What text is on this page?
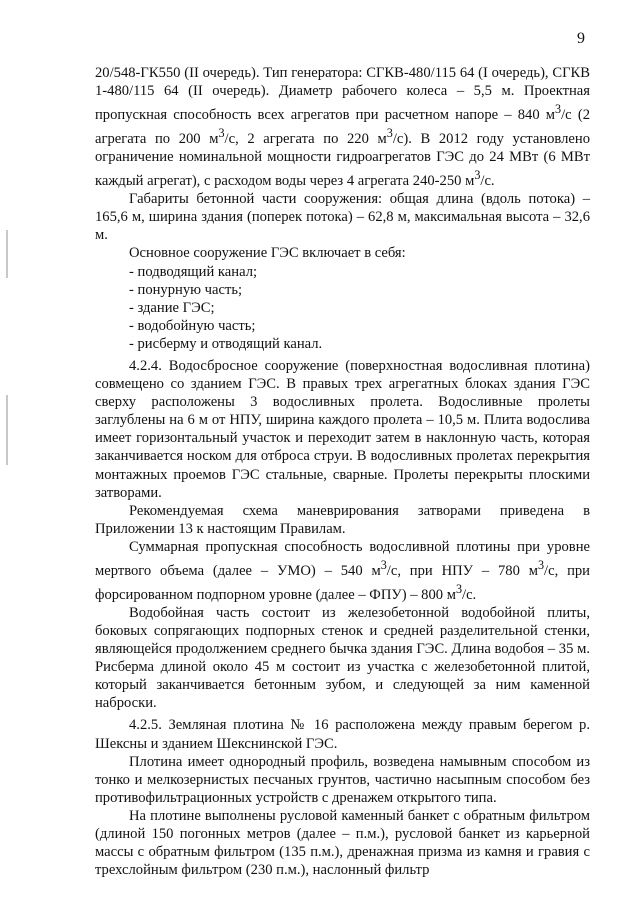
9

20/548-ГК550 (II очередь). Тип генератора: СГКВ-480/115 64 (I очередь), СГКВ 1-480/115 64 (II очередь). Диаметр рабочего колеса – 5,5 м. Проектная пропускная способность всех агрегатов при расчетном напоре – 840 $м^3/с$ (2 агрегата по 200 $м^3/с$, 2 агрегата по 220 $м^3/с$). В 2012 году установлено ограничение номинальной мощности гидроагрегатов ГЭС до 24 МВт (6 МВт каждый агрегат), с расходом воды через 4 агрегата 240-250 $м^3/с$.

Габариты бетонной части сооружения: общая длина (вдоль потока) – 165,6 м, ширина здания (поперек потока) – 62,8 м, максимальная высота – 32,6 м.

Основное сооружение ГЭС включает в себя:

- подводящий канал;

- понурную часть;

- здание ГЭС;

- водобойную часть;

- рисберму и отводящий канал.

4.2.4. Водосбросное сооружение (поверхностная водосливная плотина) совмещено со зданием ГЭС. В правых трех агрегатных блоках здания ГЭС сверху расположены 3 водосливных пролета. Водосливные пролеты заглублены на 6 м от НПУ, ширина каждого пролета – 10,5 м. Плита водослива имеет горизонтальный участок и переходит затем в наклонную часть, которая заканчивается носком для отброса струи. В водосливных пролетах перекрытия монтажных проемов ГЭС стальные, сварные. Пролеты перекрыты плоскими затворами.

Рекомендуемая схема маневрирования затворами приведена в Приложении 13 к настоящим Правилам.

Суммарная пропускная способность водосливной плотины при уровне мертвого объема (далее – УМО) – 540 $м^3/с$, при НПУ – 780 $м^3/с$, при форсированном подпорном уровне (далее – ФПУ) – 800 $м^3/с$.

Водобойная часть состоит из железобетонной водобойной плиты, боковых сопрягающих подпорных стенок и средней разделительной стенки, являющейся продолжением среднего бычка здания ГЭС. Длина водобоя – 35 м. Рисберма длиной около 45 м состоит из участка с железобетонной плитой, который заканчивается бетонным зубом, и следующей за ним каменной наброски.

4.2.5. Земляная плотина № 16 расположена между правым берегом р. Шексны и зданием Шекснинской ГЭС.

Плотина имеет однородный профиль, возведена намывным способом из тонко и мелкозернистых песчаных грунтов, частично насыпным способом без противофильтрационных устройств с дренажем открытого типа.

На плотине выполнены русловой каменный банкет с обратным фильтром (длиной 150 погонных метров (далее – п.м.), русловой банкет из карьерной массы с обратным фильтром (135 п.м.), дренажная призма из камня и гравия с трехслойным фильтром (230 п.м.), наслонный фильтр
